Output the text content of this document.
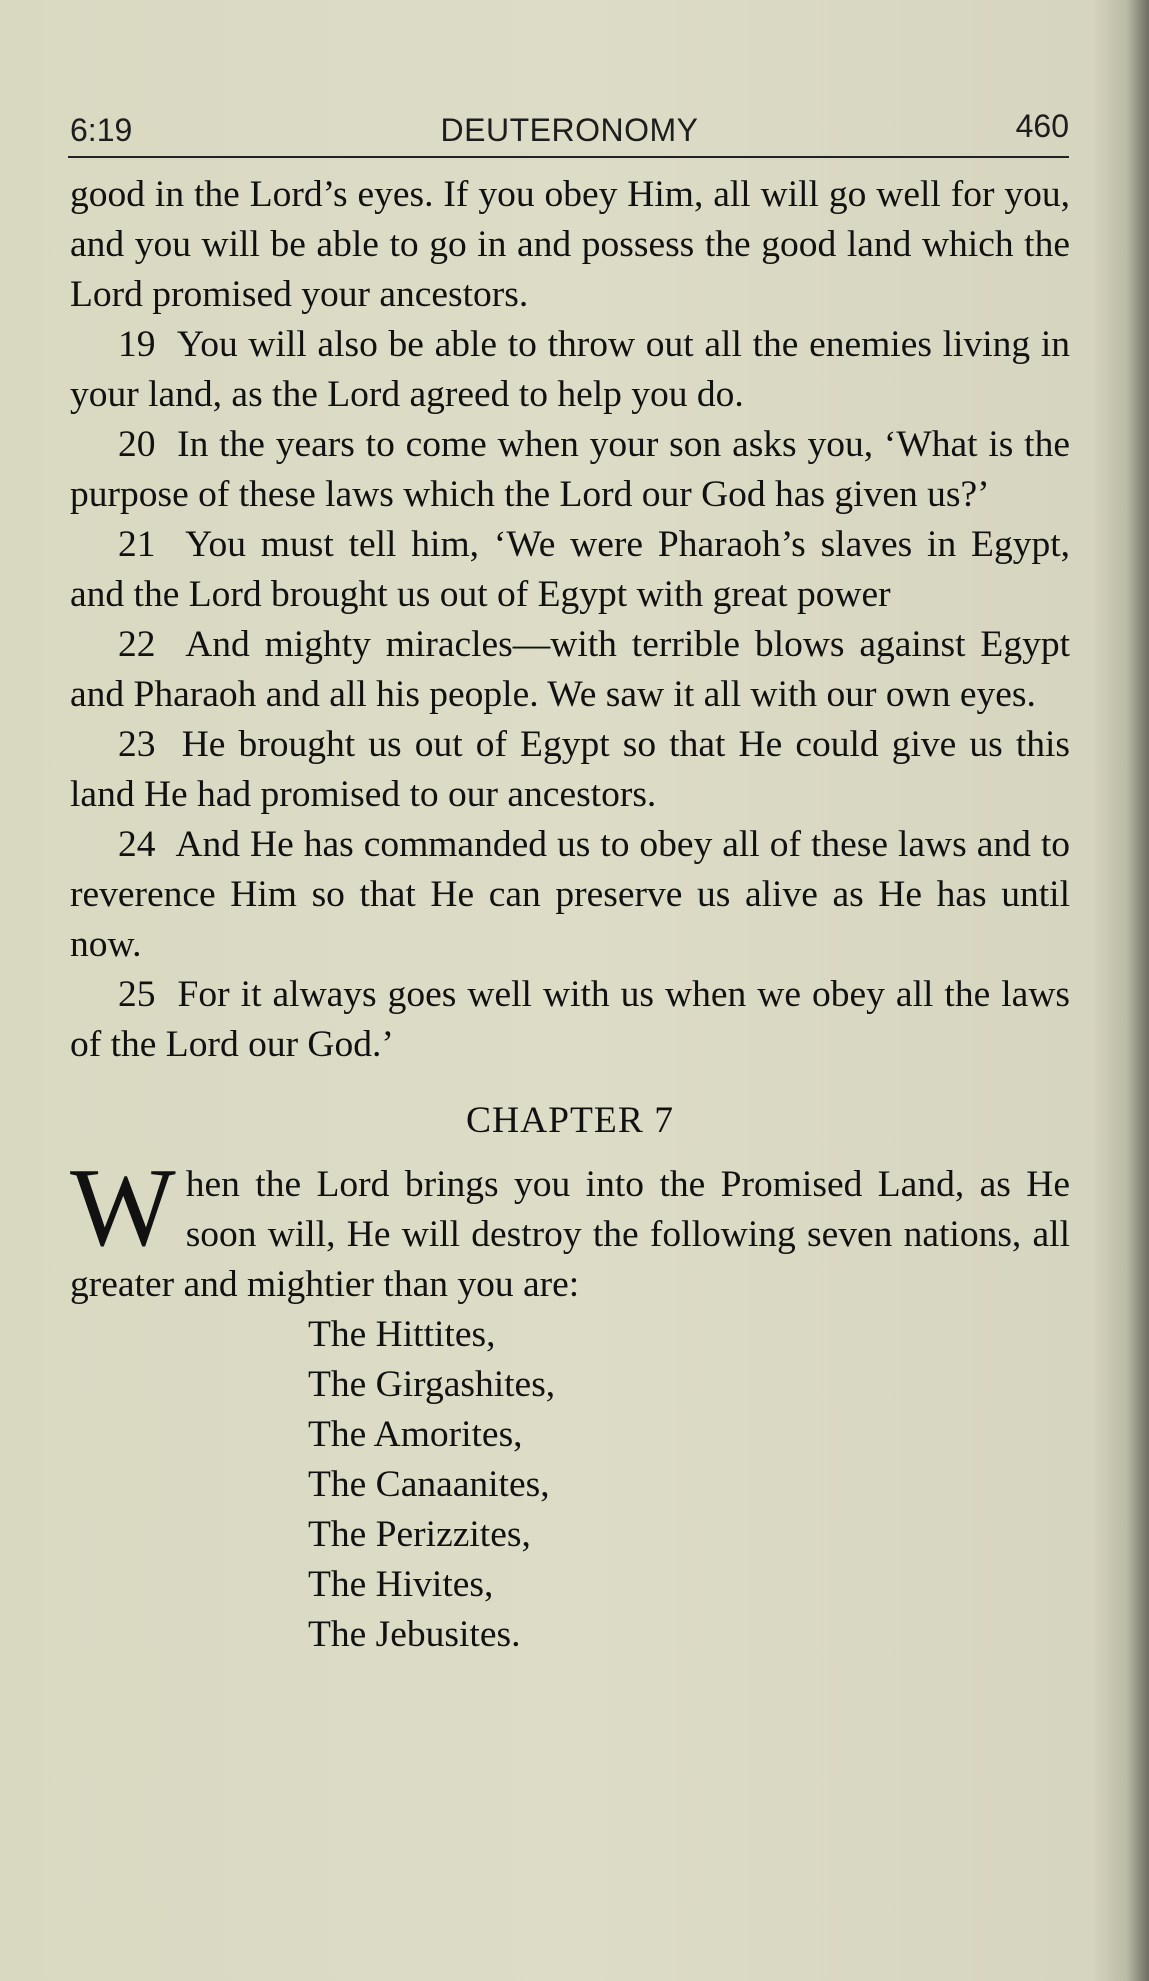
6:19	DEUTERONOMY	460

good in the Lord’s eyes. If you obey Him, all will go well for you, and you will be able to go in and possess the good land which the Lord promised your ancestors.

19 You will also be able to throw out all the enemies living in your land, as the Lord agreed to help you do.

20 In the years to come when your son asks you, ‘What is the purpose of these laws which the Lord our God has given us?’

21 You must tell him, ‘We were Pharaoh’s slaves in Egypt, and the Lord brought us out of Egypt with great power

22 And mighty miracles—with terrible blows against Egypt and Pharaoh and all his people. We saw it all with our own eyes.

23 He brought us out of Egypt so that He could give us this land He had promised to our ancestors.

24 And He has commanded us to obey all of these laws and to reverence Him so that He can preserve us alive as He has until now.

25 For it always goes well with us when we obey all the laws of the Lord our God.’

CHAPTER 7

When the Lord brings you into the Promised Land, as He soon will, He will destroy the following seven nations, all greater and mightier than you are:

The Hittites,
The Girgashites,
The Amorites,
The Canaanites,
The Perizzites,
The Hivites,
The Jebusites.
